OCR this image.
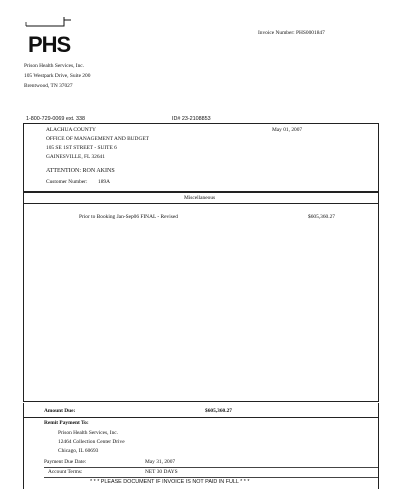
PHS	Invoice Number: PHS0001847
Prison Health Services, Inc.
105 Westpark Drive, Suite 200
Brentwood, TN 37027
1-800-729-0069 ext. 338	ID# 23-2108853
ALACHUA COUNTY
OFFICE OF MANAGEMENT AND BUDGET
105 SE 1ST STREET - SUITE 6
GAINESVILLE, FL 32641
May 01, 2007
ATTENTION: RON AKINS
Customer Number: 189A
Miscellaneous
Prior to Booking Jan-Sep06 FINAL - Revised	$605,360.27
Amount Due:	$605,360.27
Remit Payment To:
Prison Health Services, Inc.
12464 Collection Center Drive
Chicago, IL 60693
Payment Due Date:	May 31, 2007
Account Terms:	NET 30 DAYS
* * * PLEASE DOCUMENT IF INVOICE IS NOT PAID IN FULL * * *
